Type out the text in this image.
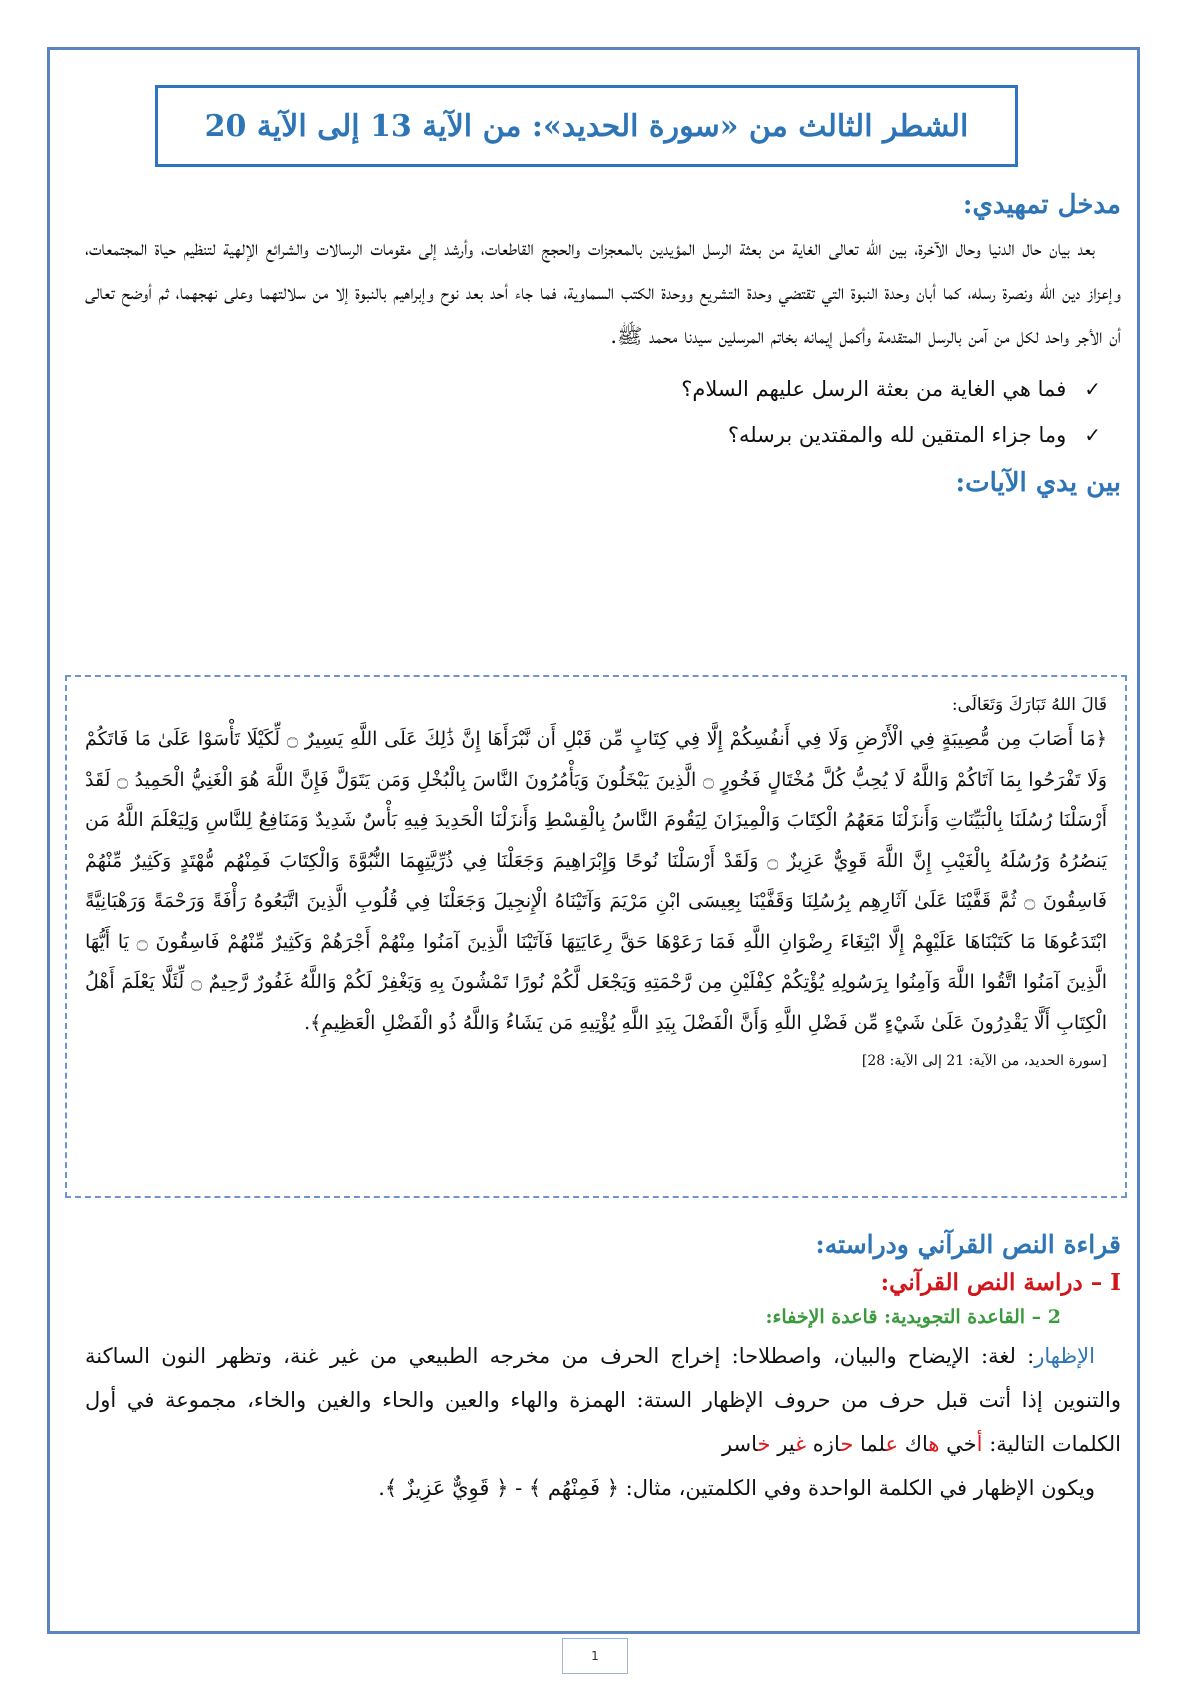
الشطر الثالث من «سورة الحديد»: من الآية 13 إلى الآية 20
مدخل تمهيدي:

بعد بيان حال الدنيا وحال الآخرة، بين الله تعالى الغاية من بعثة الرسل المؤيدين بالمعجزات والحجج القاطعات، وأرشد إلى مقومات الرسالات والشرائع الإلهية لتنظيم حياة المجتمعات، وإعزاز دين الله ونصرة رسله، كما أبان وحدة النبوة التي تقتضي وحدة التشريع ووحدة الكتب السماوية، فما جاء أحد بعد نوح وإبراهيم بالنبوة إلا من سلالتهما وعلى نهجهما، ثم أوضح تعالى أن الأجر واحد لكل من آمن بالرسل المتقدمة وأكمل إيمانه بخاتم المرسلين سيدنا محمد ﷺ.

✓
فما هي الغاية من بعثة الرسل عليهم السلام؟
✓
وما جزاء المتقين لله والمقتدين برسله؟
بين يدي الآيات:
قَالَ اللهُ تَبَارَكَ وَتَعَالَى:
﴿مَا أَصَابَ مِن مُّصِيبَةٍ فِي الْأَرْضِ وَلَا فِي أَنفُسِكُمْ إِلَّا فِي كِتَابٍ مِّن قَبْلِ أَن نَّبْرَأَهَا إِنَّ ذَٰلِكَ عَلَى اللَّهِ يَسِيرٌ ۝ لِّكَيْلَا تَأْسَوْا عَلَىٰ مَا فَاتَكُمْ وَلَا تَفْرَحُوا بِمَا آتَاكُمْ وَاللَّهُ لَا يُحِبُّ كُلَّ مُخْتَالٍ فَخُورٍ ۝ الَّذِينَ يَبْخَلُونَ وَيَأْمُرُونَ النَّاسَ بِالْبُخْلِ وَمَن يَتَوَلَّ فَإِنَّ اللَّهَ هُوَ الْغَنِيُّ الْحَمِيدُ ۝ لَقَدْ أَرْسَلْنَا رُسُلَنَا بِالْبَيِّنَاتِ وَأَنزَلْنَا مَعَهُمُ الْكِتَابَ وَالْمِيزَانَ لِيَقُومَ النَّاسُ بِالْقِسْطِ وَأَنزَلْنَا الْحَدِيدَ فِيهِ بَأْسٌ شَدِيدٌ وَمَنَافِعُ لِلنَّاسِ وَلِيَعْلَمَ اللَّهُ مَن يَنصُرُهُ وَرُسُلَهُ بِالْغَيْبِ إِنَّ اللَّهَ قَوِيٌّ عَزِيزٌ ۝ وَلَقَدْ أَرْسَلْنَا نُوحًا وَإِبْرَاهِيمَ وَجَعَلْنَا فِي ذُرِّيَّتِهِمَا النُّبُوَّةَ وَالْكِتَابَ فَمِنْهُم مُّهْتَدٍ وَكَثِيرٌ مِّنْهُمْ فَاسِقُونَ ۝ ثُمَّ قَفَّيْنَا عَلَىٰ آثَارِهِم بِرُسُلِنَا وَقَفَّيْنَا بِعِيسَى ابْنِ مَرْيَمَ وَآتَيْنَاهُ الْإِنجِيلَ وَجَعَلْنَا فِي قُلُوبِ الَّذِينَ اتَّبَعُوهُ رَأْفَةً وَرَحْمَةً وَرَهْبَانِيَّةً ابْتَدَعُوهَا مَا كَتَبْنَاهَا عَلَيْهِمْ إِلَّا ابْتِغَاءَ رِضْوَانِ اللَّهِ فَمَا رَعَوْهَا حَقَّ رِعَايَتِهَا فَآتَيْنَا الَّذِينَ آمَنُوا مِنْهُمْ أَجْرَهُمْ وَكَثِيرٌ مِّنْهُمْ فَاسِقُونَ ۝ يَا أَيُّهَا الَّذِينَ آمَنُوا اتَّقُوا اللَّهَ وَآمِنُوا بِرَسُولِهِ يُؤْتِكُمْ كِفْلَيْنِ مِن رَّحْمَتِهِ وَيَجْعَل لَّكُمْ نُورًا تَمْشُونَ بِهِ وَيَغْفِرْ لَكُمْ وَاللَّهُ غَفُورٌ رَّحِيمٌ ۝ لِّئَلَّا يَعْلَمَ أَهْلُ الْكِتَابِ أَلَّا يَقْدِرُونَ عَلَىٰ شَيْءٍ مِّن فَضْلِ اللَّهِ وَأَنَّ الْفَضْلَ بِيَدِ اللَّهِ يُؤْتِيهِ مَن يَشَاءُ وَاللَّهُ ذُو الْفَضْلِ الْعَظِيمِ﴾.
[سورة الحديد، من الآية: 21 إلى الآية: 28]
قراءة النص القرآني ودراسته:
I – دراسة النص القرآني:
2 – القاعدة التجويدية: قاعدة الإخفاء:

الإظهار: لغة: الإيضاح والبيان، واصطلاحا: إخراج الحرف من مخرجه الطبيعي من غير غنة، وتظهر النون الساكنة والتنوين إذا أتت قبل حرف من حروف الإظهار الستة: الهمزة والهاء والعين والحاء والغين والخاء، مجموعة في أول الكلمات التالية: أخي هاك علما حازه غير خاسر

ويكون الإظهار في الكلمة الواحدة وفي الكلمتين، مثال: ﴿ فَمِنْهُم ﴾ - ﴿ قَوِيٌّ عَزِيزٌ ﴾.

1
